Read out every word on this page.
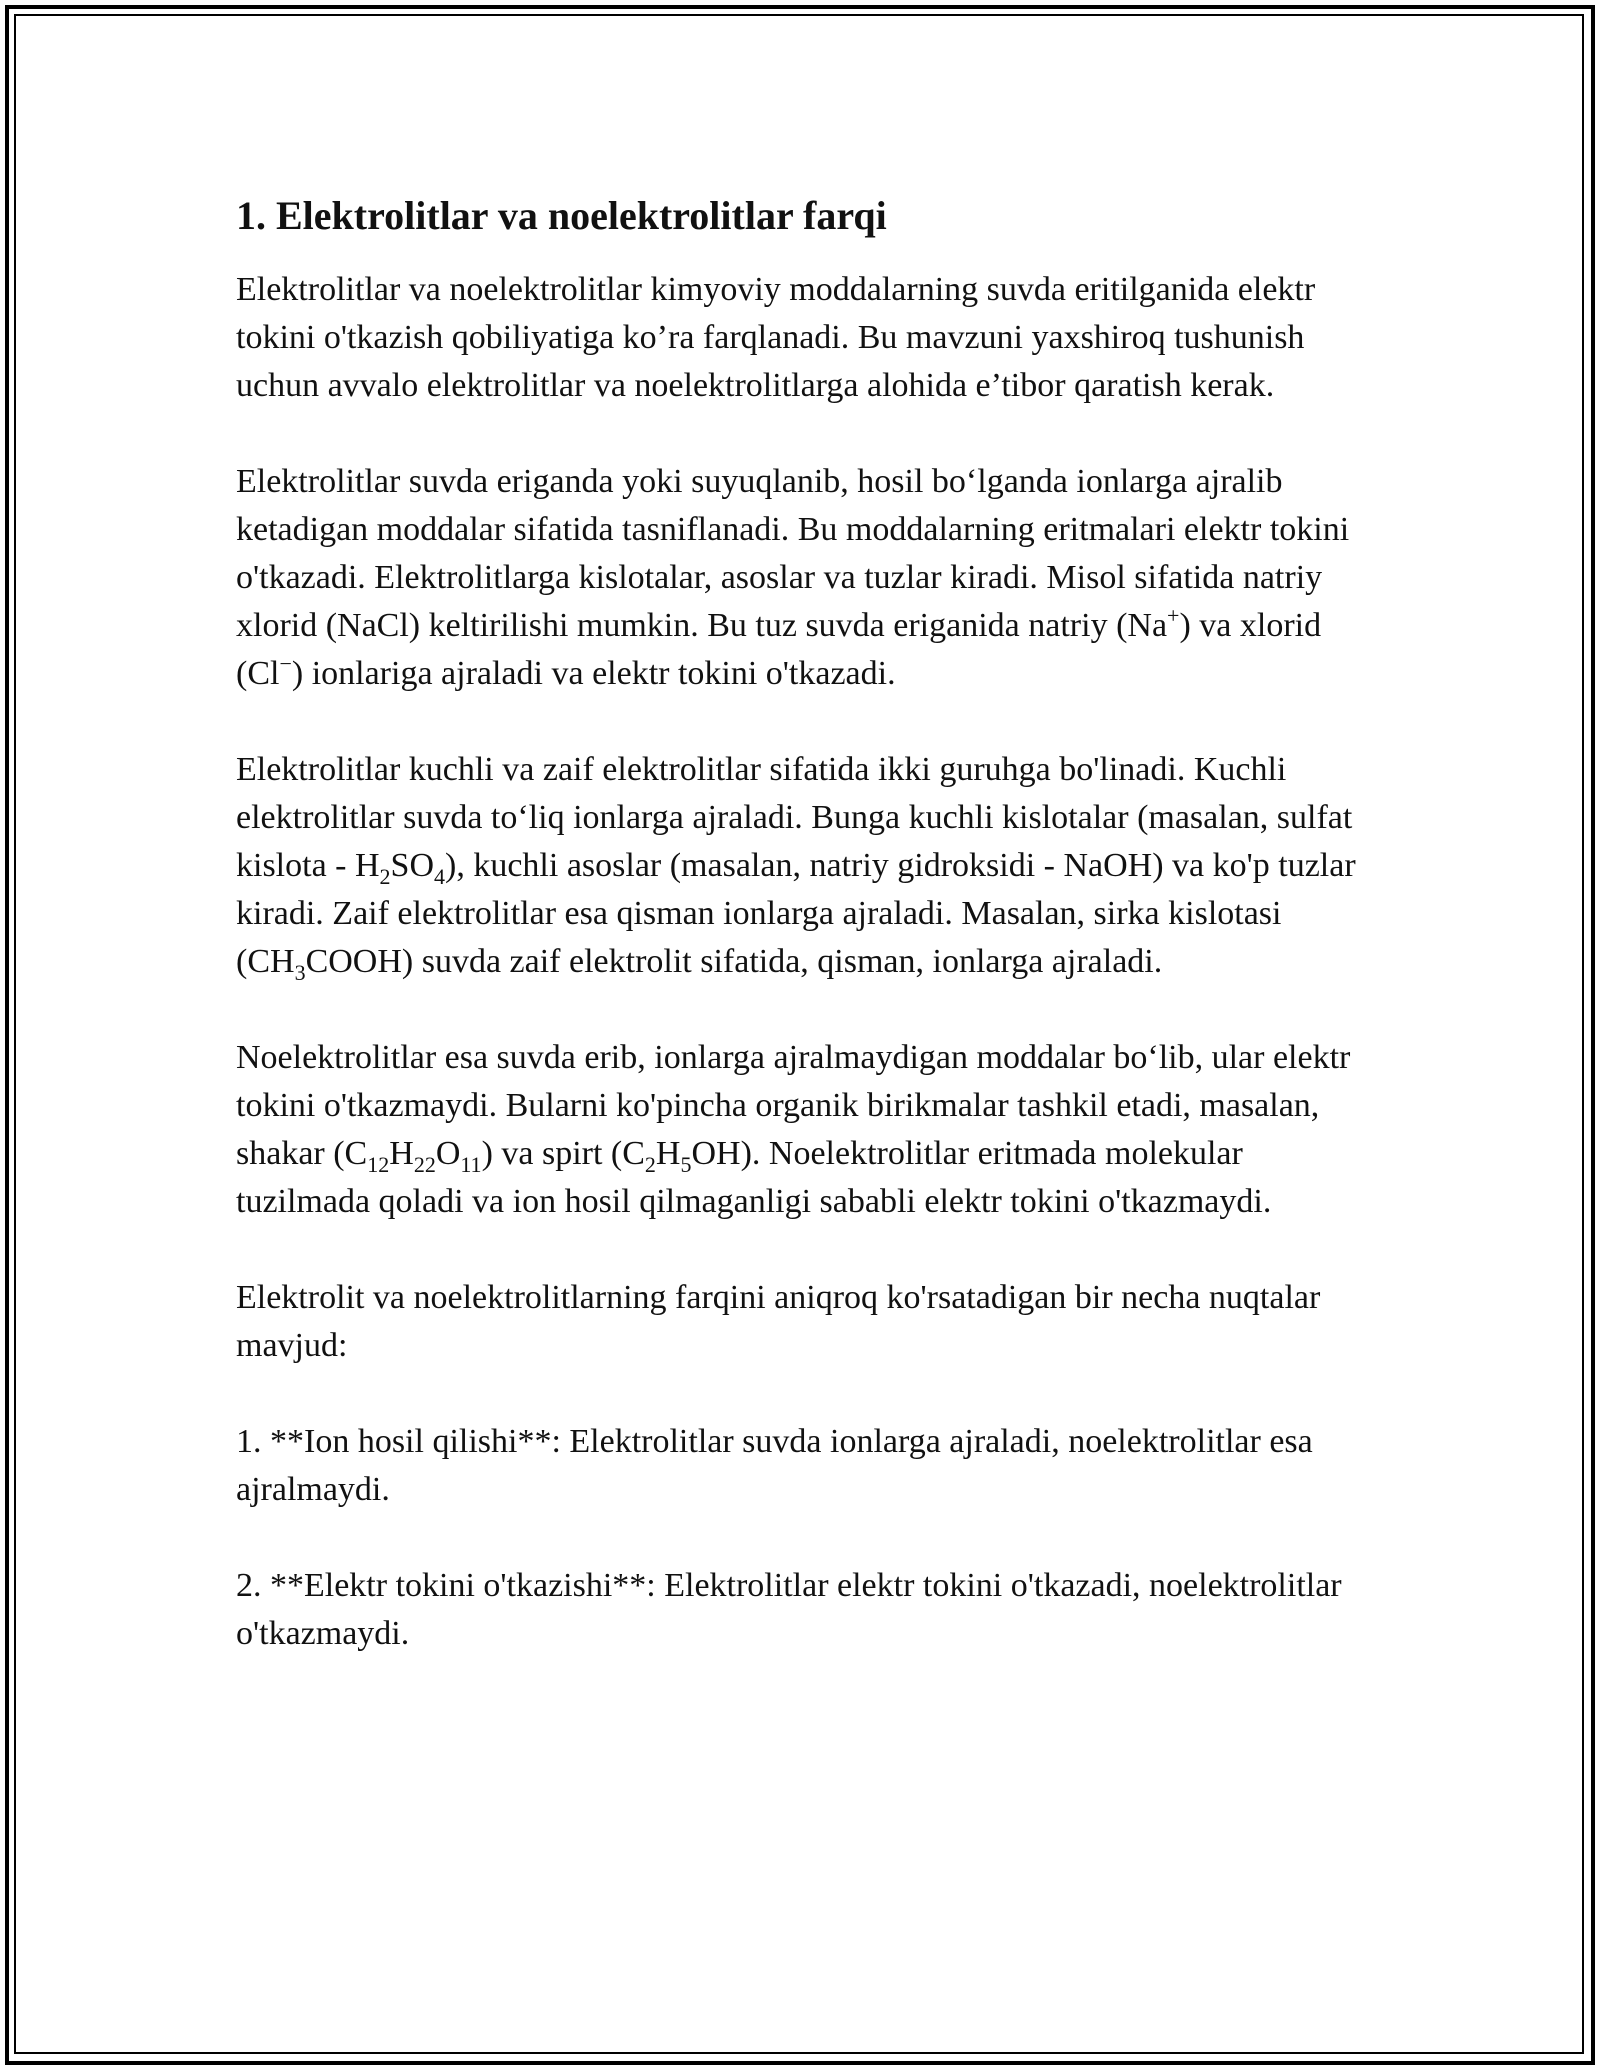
1. Elektrolitlar va noelektrolitlar farqi

Elektrolitlar va noelektrolitlar kimyoviy moddalarning suvda eritilganida elektr tokini o'tkazish qobiliyatiga ko’ra farqlanadi. Bu mavzuni yaxshiroq tushunish uchun avvalo elektrolitlar va noelektrolitlarga alohida e’tibor qaratish kerak.

Elektrolitlar suvda eriganda yoki suyuqlanib, hosil bo‘lganda ionlarga ajralib ketadigan moddalar sifatida tasniflanadi. Bu moddalarning eritmalari elektr tokini o'tkazadi. Elektrolitlarga kislotalar, asoslar va tuzlar kiradi. Misol sifatida natriy xlorid (NaCl) keltirilishi mumkin. Bu tuz suvda eriganida natriy (Na+) va xlorid (Cl−) ionlariga ajraladi va elektr tokini o'tkazadi.

Elektrolitlar kuchli va zaif elektrolitlar sifatida ikki guruhga bo'linadi. Kuchli elektrolitlar suvda to‘liq ionlarga ajraladi. Bunga kuchli kislotalar (masalan, sulfat kislota - $H_2SO_4$), kuchli asoslar (masalan, natriy gidroksidi - NaOH) va ko'p tuzlar kiradi. Zaif elektrolitlar esa qisman ionlarga ajraladi. Masalan, sirka kislotasi $(CH_3COOH)$ suvda zaif elektrolit sifatida, qisman, ionlarga ajraladi.

Noelektrolitlar esa suvda erib, ionlarga ajralmaydigan moddalar bo‘lib, ular elektr tokini o'tkazmaydi. Bularni ko'pincha organik birikmalar tashkil etadi, masalan, shakar $(C_{12}H_{22}O_{11})$ va spirt $(C_2H_5OH)$. Noelektrolitlar eritmada molekular tuzilmada qoladi va ion hosil qilmaganligi sababli elektr tokini o'tkazmaydi.

Elektrolit va noelektrolitlarning farqini aniqroq ko'rsatadigan bir necha nuqtalar mavjud:

1. **Ion hosil qilishi**: Elektrolitlar suvda ionlarga ajraladi, noelektrolitlar esa ajralmaydi.

2. **Elektr tokini o'tkazishi**: Elektrolitlar elektr tokini o'tkazadi, noelektrolitlar o'tkazmaydi.
